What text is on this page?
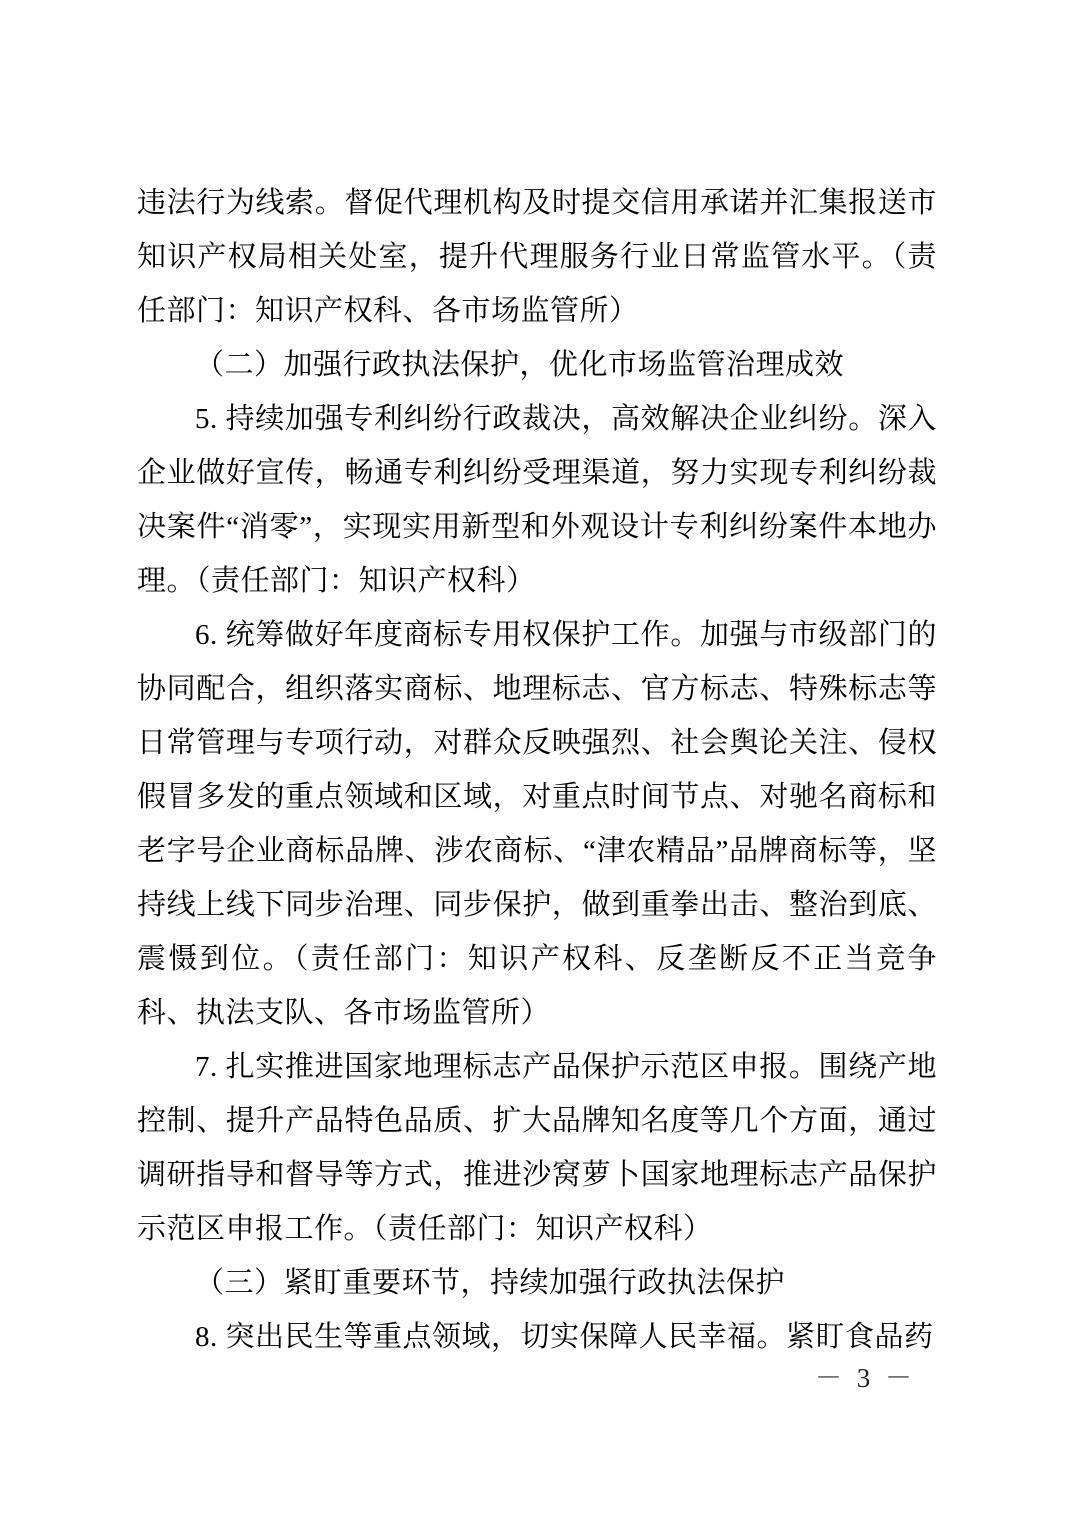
违法行为线索。督促代理机构及时提交信用承诺并汇集报送市知识产权局相关处室，提升代理服务行业日常监管水平。（责任部门：知识产权科、各市场监管所）

（二）加强行政执法保护，优化市场监管治理成效

5. 持续加强专利纠纷行政裁决，高效解决企业纠纷。深入企业做好宣传，畅通专利纠纷受理渠道，努力实现专利纠纷裁决案件“消零”，实现实用新型和外观设计专利纠纷案件本地办理。（责任部门：知识产权科）

6. 统筹做好年度商标专用权保护工作。加强与市级部门的协同配合，组织落实商标、地理标志、官方标志、特殊标志等日常管理与专项行动，对群众反映强烈、社会舆论关注、侵权假冒多发的重点领域和区域，对重点时间节点、对驰名商标和老字号企业商标品牌、涉农商标、“津农精品”品牌商标等，坚持线上线下同步治理、同步保护，做到重拳出击、整治到底、震慑到位。（责任部门：知识产权科、反垄断反不正当竞争科、执法支队、各市场监管所）

7. 扎实推进国家地理标志产品保护示范区申报。围绕产地控制、提升产品特色品质、扩大品牌知名度等几个方面，通过调研指导和督导等方式，推进沙窝萝卜国家地理标志产品保护示范区申报工作。（责任部门：知识产权科）

（三）紧盯重要环节，持续加强行政执法保护

8. 突出民生等重点领域，切实保障人民幸福。紧盯食品药

－ 3 －
